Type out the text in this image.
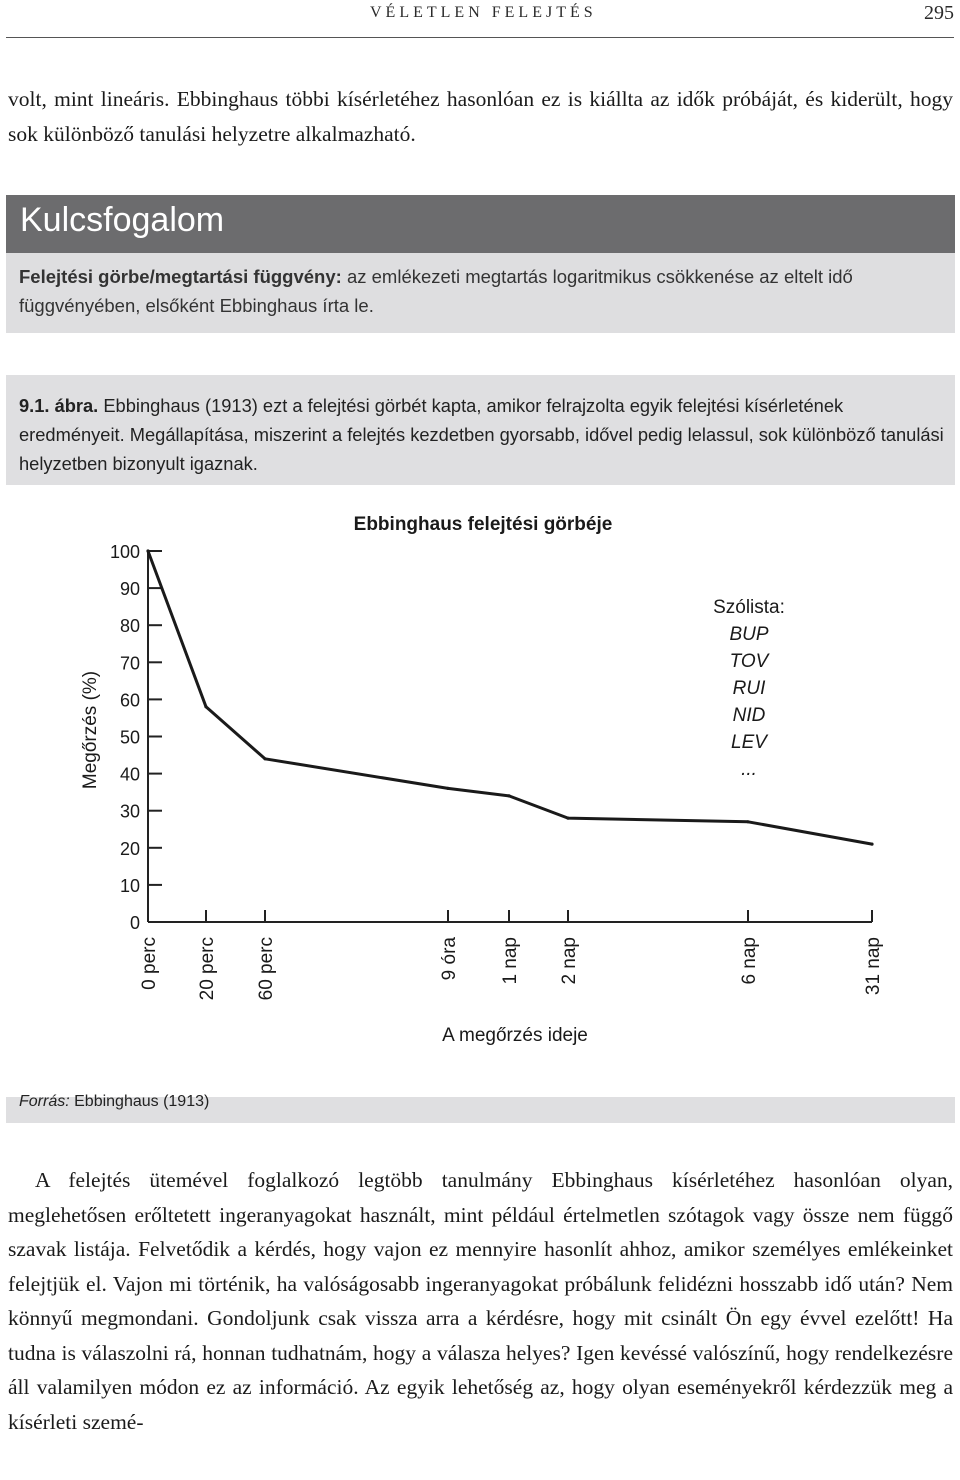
VÉLETLEN FELEJTÉS	295

volt, mint lineáris. Ebbinghaus többi kísérletéhez hasonlóan ez is kiállta az idők próbáját, és kiderült, hogy sok különböző tanulási helyzetre alkalmazható.

Kulcsfogalom

Felejtési görbe/megtartási függvény: az emlékezeti megtartás logaritmikus csökkenése az eltelt idő függvényében, elsőként Ebbinghaus írta le.

9.1. ábra. Ebbinghaus (1913) ezt a felejtési görbét kapta, amikor felrajzolta egyik felejtési kísérletének eredményeit. Megállapítása, miszerint a felejtés kezdetben gyorsabb, idővel pedig lelassul, sok különböző tanulási helyzetben bizonyult igaznak.

Ebbinghaus felejtési görbéje
Megőrzés (%)
A megőrzés ideje
0
10
20
30
40
50
60
70
80
90
100
0 perc 20 perc 60 perc	9 óra 1 nap 2 nap	6 nap	31 nap
Szólista:
BUP
TOV
RUI
NID
LEV
...
Forrás: Ebbinghaus (1913)

A felejtés ütemével foglalkozó legtöbb tanulmány Ebbinghaus kísérletéhez hasonlóan olyan, meglehetősen erőltetett ingeranyagokat használt, mint például értelmetlen szótagok vagy össze nem függő szavak listája. Felvetődik a kérdés, hogy vajon ez mennyire hasonlít ahhoz, amikor személyes emlékeinket felejtjük el. Vajon mi történik, ha valóságosabb ingeranyagokat próbálunk felidézni hosszabb idő után? Nem könnyű megmondani. Gondoljunk csak vissza arra a kérdésre, hogy mit csinált Ön egy évvel ezelőtt! Ha tudna is válaszolni rá, honnan tudhatnám, hogy a válasza helyes? Igen kevéssé valószínű, hogy rendelkezésre áll valamilyen módon ez az információ. Az egyik lehetőség az, hogy olyan eseményekről kérdezzük meg a kísérleti szemé-
